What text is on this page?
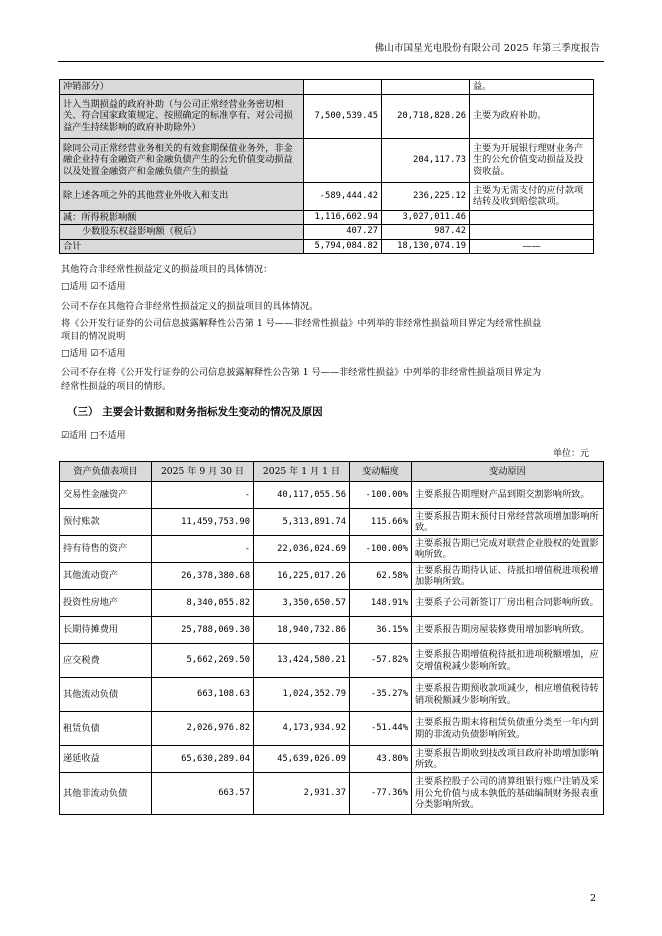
佛山市国星光电股份有限公司 2025 年第三季度报告
冲销部分）			益。
计入当期损益的政府补助（与公司正常经营业务密切相关、符合国家政策规定、按照确定的标准享有、对公司损益产生持续影响的政府补助除外）	7,500,539.45	20,718,828.26	主要为政府补助。
除同公司正常经营业务相关的有效套期保值业务外，非金融企业持有金融资产和金融负债产生的公允价值变动损益以及处置金融资产和金融负债产生的损益		204,117.73	主要为开展银行理财业务产生的公允价值变动损益及投资收益。
除上述各项之外的其他营业外收入和支出	-589,444.42	236,225.12	主要为无需支付的应付款项结转及收到赔偿款项。
减：所得税影响额	1,116,602.94	3,027,011.46	
少数股东权益影响额（税后）	407.27	987.42	
合计	5,794,084.82	18,130,074.19	——
其他符合非经常性损益定义的损益项目的具体情况：
□适用 ☑不适用
公司不存在其他符合非经常性损益定义的损益项目的具体情况。
将《公开发行证券的公司信息披露解释性公告第 1 号——非经常性损益》中列举的非经常性损益项目界定为经常性损益
项目的情况说明
□适用 ☑不适用
公司不存在将《公开发行证券的公司信息披露解释性公告第 1 号——非经常性损益》中列举的非经常性损益项目界定为
经常性损益的项目的情形。
（三） 主要会计数据和财务指标发生变动的情况及原因
☑适用 □不适用
单位：元
资产负债表项目	2025 年 9 月 30 日	2025 年 1 月 1 日	变动幅度	变动原因
交易性金融资产	-	40,117,055.56	-100.00%	主要系报告期理财产品到期交割影响所致。
预付账款	11,459,753.90	5,313,891.74	115.66%	主要系报告期末预付日常经营款项增加影响所致。
持有待售的资产	-	22,036,024.69	-100.00%	主要系报告期已完成对联营企业股权的处置影响所致。
其他流动资产	26,378,380.68	16,225,017.26	62.58%	主要系报告期待认证、待抵扣增值税进项税增加影响所致。
投资性房地产	8,340,055.82	3,350,650.57	148.91%	主要系子公司新签订厂房出租合同影响所致。
长期待摊费用	25,788,069.30	18,940,732.86	36.15%	主要系报告期房屋装修费用增加影响所致。
应交税费	5,662,269.50	13,424,580.21	-57.82%	主要系报告期增值税待抵扣进项税额增加，应交增值税减少影响所致。
其他流动负债	663,108.63	1,024,352.79	-35.27%	主要系报告期预收款项减少，相应增值税待转销项税额减少影响所致。
租赁负债	2,026,976.82	4,173,934.92	-51.44%	主要系报告期末将租赁负债重分类至一年内到期的非流动负债影响所致。
递延收益	65,630,289.04	45,639,026.09	43.80%	主要系报告期收到技改项目政府补助增加影响所致。
其他非流动负债	663.57	2,931.37	-77.36%	主要系控股子公司的清算组银行账户注销及采用公允价值与成本孰低的基础编制财务报表重分类影响所致。
2
